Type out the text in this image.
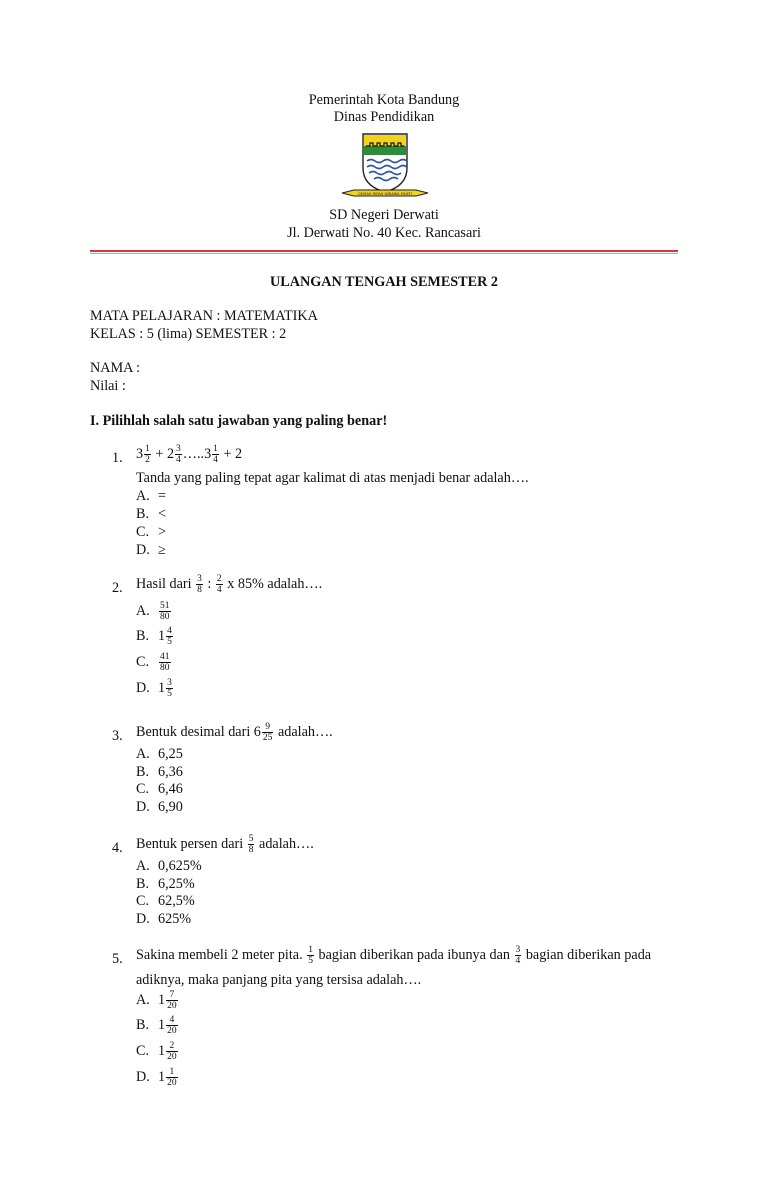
Pemerintah Kota Bandung
Dinas Pendidikan
GEMAH RIPAH WIBAWA MUKTI
SD Negeri Derwati
Jl. Derwati No. 40 Kec. Rancasari
ULANGAN TENGAH SEMESTER 2
MATA PELAJARAN : MATEMATIKA
KELAS : 5 (lima) SEMESTER : 2
NAMA :
Nilai :
I. Pilihlah salah satu jawaban yang paling benar!
1. $3 \frac{1}{2} + 2 \frac{3}{4}$ …..3 $\frac{1}{4} + 2$
Tanda yang paling tepat agar kalimat di atas menjadi benar adalah….
A. =
B. <
C. >
D. ≥
2. Hasil dari $\frac{3}{8}$ : $\frac{2}{4}$ x 85% adalah….
A. $\frac{51}{80}$
B. $1 \frac{4}{5}$
C. $\frac{41}{80}$
D. $1 \frac{3}{5}$
3. Bentuk desimal dari $6 \frac{9}{25}$ adalah….
A. 6,25
B. 6,36
C. 6,46
D. 6,90
4. Bentuk persen dari $\frac{5}{8}$ adalah….
A. 0,625%
B. 6,25%
C. 62,5%
D. 625%
5. Sakina membeli 2 meter pita. $\frac{1}{5}$ bagian diberikan pada ibunya dan $\frac{3}{4}$ bagian diberikan pada
adiknya, maka panjang pita yang tersisa adalah….
A. $1 \frac{7}{20}$
B. $1 \frac{4}{20}$
C. $1 \frac{2}{20}$
D. $1 \frac{1}{20}$
